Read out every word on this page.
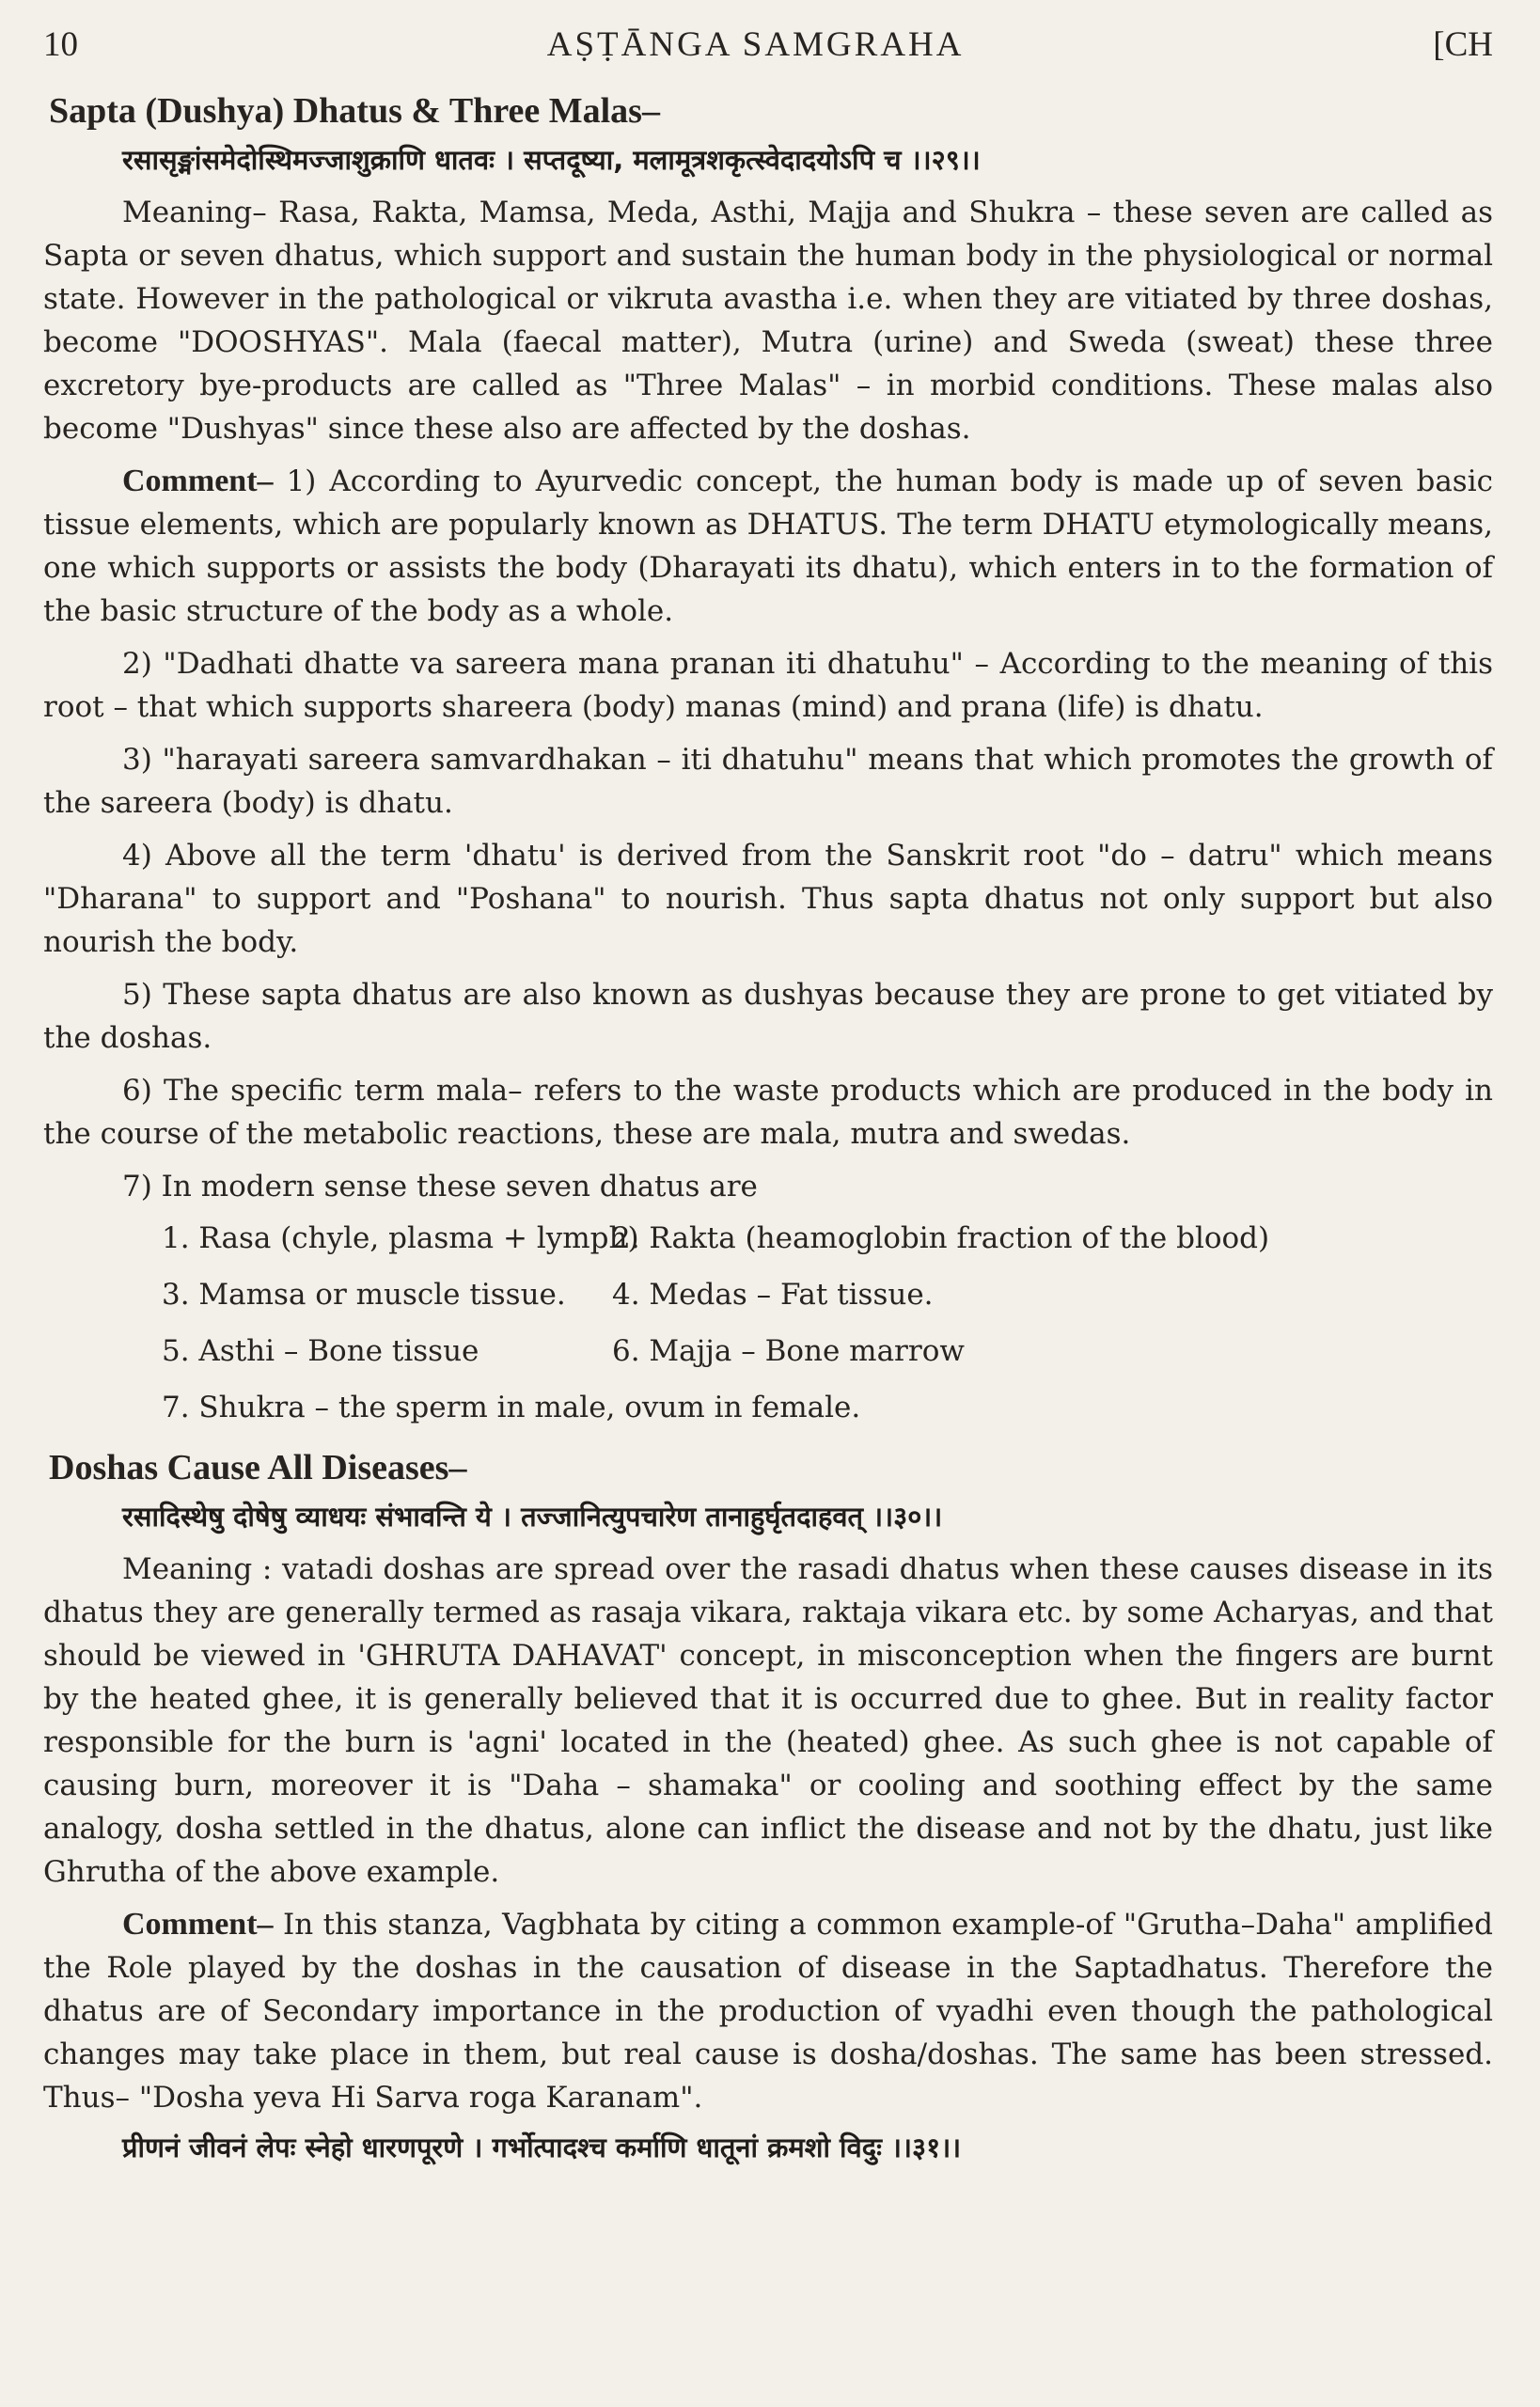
10	AṢṬĀNGA SAMGRAHA	[CH
Sapta (Dushya) Dhatus & Three Malas–
रसासृङ्मांसमेदोस्थिमज्जाशुक्राणि धातवः । सप्तदूष्या, मलामूत्रशकृत्स्वेदादयोऽपि च ।।२९।।

Meaning– Rasa, Rakta, Mamsa, Meda, Asthi, Majja and Shukra – these seven are called as Sapta or seven dhatus, which support and sustain the human body in the physiological or normal state. However in the pathological or vikruta avastha i.e. when they are vitiated by three doshas, become "DOOSHYAS". Mala (faecal matter), Mutra (urine) and Sweda (sweat) these three excretory bye-products are called as "Three Malas" – in morbid conditions. These malas also become "Dushyas" since these also are affected by the doshas.

Comment– 1) According to Ayurvedic concept, the human body is made up of seven basic tissue elements, which are popularly known as DHATUS. The term DHATU etymologically means, one which supports or assists the body (Dharayati its dhatu), which enters in to the formation of the basic structure of the body as a whole.

2) "Dadhati dhatte va sareera mana pranan iti dhatuhu" – According to the meaning of this root – that which supports shareera (body) manas (mind) and prana (life) is dhatu.

3) "harayati sareera samvardhakan – iti dhatuhu" means that which promotes the growth of the sareera (body) is dhatu.

4) Above all the term 'dhatu' is derived from the Sanskrit root "do – datru" which means "Dharana" to support and "Poshana" to nourish. Thus sapta dhatus not only support but also nourish the body.

5) These sapta dhatus are also known as dushyas because they are prone to get vitiated by the doshas.

6) The specific term mala– refers to the waste products which are produced in the body in the course of the metabolic reactions, these are mala, mutra and swedas.

7) In modern sense these seven dhatus are

1. Rasa (chyle, plasma + lymph)
2. Rakta (heamoglobin fraction of the blood)
3. Mamsa or muscle tissue.	4. Medas – Fat tissue.
5. Asthi – Bone tissue	6. Majja – Bone marrow
7. Shukra – the sperm in male, ovum in female.
Doshas Cause All Diseases–
रसादिस्थेषु दोषेषु व्याधयः संभावन्ति ये । तज्जानित्युपचारेण तानाहुर्घृतदाहवत् ।।३०।।

Meaning : vatadi doshas are spread over the rasadi dhatus when these causes disease in its dhatus they are generally termed as rasaja vikara, raktaja vikara etc. by some Acharyas, and that should be viewed in 'GHRUTA DAHAVAT' concept, in misconception when the fingers are burnt by the heated ghee, it is generally believed that it is occurred due to ghee. But in reality factor responsible for the burn is 'agni' located in the (heated) ghee. As such ghee is not capable of causing burn, moreover it is "Daha – shamaka" or cooling and soothing effect by the same analogy, dosha settled in the dhatus, alone can inflict the disease and not by the dhatu, just like Ghrutha of the above example.

Comment– In this stanza, Vagbhata by citing a common example-of "Grutha–Daha" amplified the Role played by the doshas in the causation of disease in the Saptadhatus. Therefore the dhatus are of Secondary importance in the production of vyadhi even though the pathological changes may take place in them, but real cause is dosha/doshas. The same has been stressed. Thus– "Dosha yeva Hi Sarva roga Karanam".

प्रीणनं जीवनं लेपः स्नेहो धारणपूरणे । गर्भोत्पादश्च कर्माणि धातूनां क्रमशो विदुः ।।३१।।
